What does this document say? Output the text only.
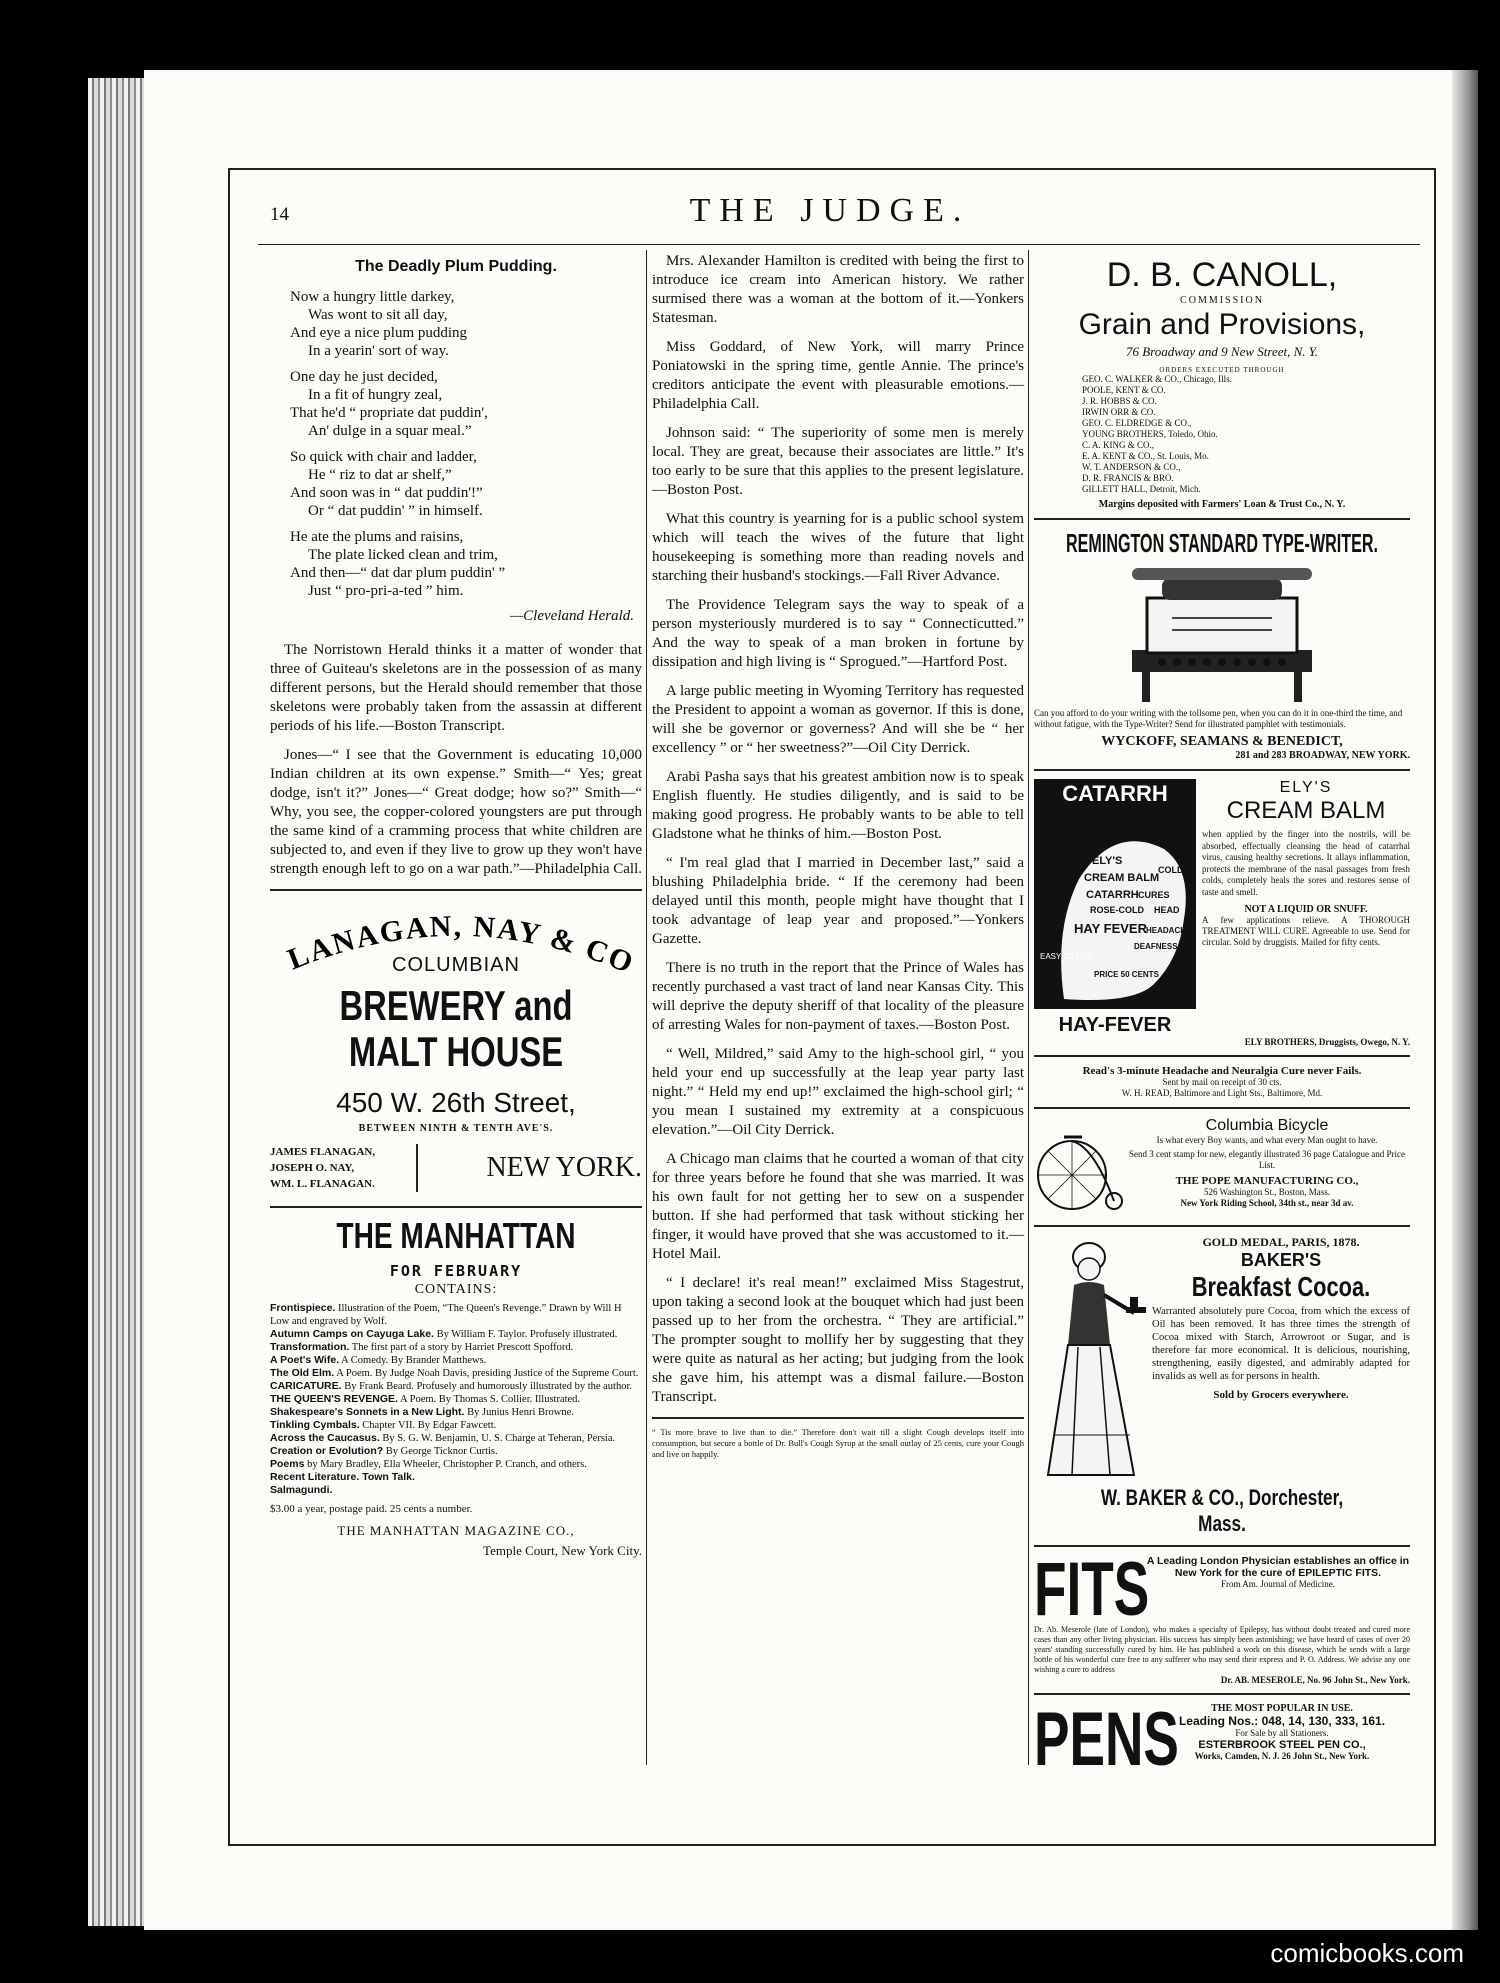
14	THE JUDGE.
The Deadly Plum Pudding.
Now a hungry little darkey,
Was wont to sit all day,
And eye a nice plum pudding
In a yearin' sort of way.
One day he just decided,
In a fit of hungry zeal,
That he'd “ propriate dat puddin',
An' dulge in a squar meal.”
So quick with chair and ladder,
He “ riz to dat ar shelf,”
And soon was in “ dat puddin'!”
Or “ dat puddin' ” in himself.
He ate the plums and raisins,
The plate licked clean and trim,
And then—“ dat dar plum puddin' ”
Just “ pro-pri-a-ted ” him.
—Cleveland Herald.

The Norristown Herald thinks it a matter of wonder that three of Guiteau's skeletons are in the possession of as many different persons, but the Herald should remember that those skeletons were probably taken from the assassin at different periods of his life.—Boston Transcript.

Jones—“ I see that the Government is educating 10,000 Indian children at its own expense.” Smith—“ Yes; great dodge, isn't it?” Jones—“ Great dodge; how so?” Smith—“ Why, you see, the copper-colored youngsters are put through the same kind of a cramming process that white children are subjected to, and even if they live to grow up they won't have strength enough left to go on a war path.”—Philadelphia Call.

LANAGAN, NAY & CO
COLUMBIAN
BREWERY and MALT HOUSE
450 W. 26th Street,
BETWEEN NINTH & TENTH AVE'S.
JAMES FLANAGAN,
JOSEPH O. NAY,
WM. L. FLANAGAN.
NEW YORK.
THE MANHATTAN
FOR FEBRUARY
CONTAINS:
Frontispiece. Illustration of the Poem, “The Queen's Revenge.” Drawn by Will H Low and engraved by Wolf.
Autumn Camps on Cayuga Lake. By William F. Taylor. Profusely illustrated.
Transformation. The first part of a story by Harriet Prescott Spofford.
A Poet's Wife. A Comedy. By Brander Matthews.
The Old Elm. A Poem. By Judge Noah Davis, presiding Justice of the Supreme Court.
CARICATURE. By Frank Beard. Profusely and humorously illustrated by the author.
THE QUEEN'S REVENGE. A Poem. By Thomas S. Collier. Illustrated.
Shakespeare's Sonnets in a New Light. By Junius Henri Browne.
Tinkling Cymbals. Chapter VII. By Edgar Fawcett.
Across the Caucasus. By S. G. W. Benjamin, U. S. Charge at Teheran, Persia.
Creation or Evolution? By George Ticknor Curtis.
Poems by Mary Bradley, Ella Wheeler, Christopher P. Cranch, and others.
Recent Literature. Town Talk.
Salmagundi.
$3.00 a year, postage paid. 25 cents a number.
THE MANHATTAN MAGAZINE CO.,
Temple Court, New York City.

Mrs. Alexander Hamilton is credited with being the first to introduce ice cream into American history. We rather surmised there was a woman at the bottom of it.—Yonkers Statesman.

Miss Goddard, of New York, will marry Prince Poniatowski in the spring time, gentle Annie. The prince's creditors anticipate the event with pleasurable emotions.—Philadelphia Call.

Johnson said: “ The superiority of some men is merely local. They are great, because their associates are little.” It's too early to be sure that this applies to the present legislature.—Boston Post.

What this country is yearning for is a public school system which will teach the wives of the future that light housekeeping is something more than reading novels and starching their husband's stockings.—Fall River Advance.

The Providence Telegram says the way to speak of a person mysteriously murdered is to say “ Connecticutted.” And the way to speak of a man broken in fortune by dissipation and high living is “ Sprogued.”—Hartford Post.

A large public meeting in Wyoming Territory has requested the President to appoint a woman as governor. If this is done, will she be governor or governess? And will she be “ her excellency ” or “ her sweetness?”—Oil City Derrick.

Arabi Pasha says that his greatest ambition now is to speak English fluently. He studies diligently, and is said to be making good progress. He probably wants to be able to tell Gladstone what he thinks of him.—Boston Post.

“ I'm real glad that I married in December last,” said a blushing Philadelphia bride. “ If the ceremony had been delayed until this month, people might have thought that I took advantage of leap year and proposed.”—Yonkers Gazette.

There is no truth in the report that the Prince of Wales has recently purchased a vast tract of land near Kansas City. This will deprive the deputy sheriff of that locality of the pleasure of arresting Wales for non-payment of taxes.—Boston Post.

“ Well, Mildred,” said Amy to the high-school girl, “ you held your end up successfully at the leap year party last night.” “ Held my end up!” exclaimed the high-school girl; “ you mean I sustained my extremity at a conspicuous elevation.”—Oil City Derrick.

A Chicago man claims that he courted a woman of that city for three years before he found that she was married. It was his own fault for not getting her to sew on a suspender button. If she had performed that task without sticking her finger, it would have proved that she was accustomed to it.—Hotel Mail.

“ I declare! it's real mean!” exclaimed Miss Stagestrut, upon taking a second look at the bouquet which had just been passed up to her from the orchestra. “ They are artificial.” The prompter sought to mollify her by suggesting that they were quite as natural as her acting; but judging from the look she gave him, his attempt was a dismal failure.—Boston Transcript.

“ Tis more brave to live than to die.” Therefore don't wait till a slight Cough develops itself into consumption, but secure a bottle of Dr. Bull's Cough Syrup at the small outlay of 25 cents, cure your Cough and live on happily.
D. B. CANOLL,
COMMISSION
Grain and Provisions,
76 Broadway and 9 New Street, N. Y.
ORDERS EXECUTED THROUGH
GEO. C. WALKER & CO., Chicago, Ills.
POOLE, KENT & CO.
J. R. HOBBS & CO.
IRWIN ORR & CO.
GEO. C. ELDREDGE & CO.,
YOUNG BROTHERS, Toledo, Ohio.
C. A. KING & CO.,
E. A. KENT & CO., St. Louis, Mo.
W. T. ANDERSON & CO.,
D. R. FRANCIS & BRO.
GILLETT HALL, Detroit, Mich.
Margins deposited with Farmers' Loan & Trust Co., N. Y.
REMINGTON STANDARD TYPE-WRITER.
Can you afford to do your writing with the tollsome pen, when you can do it in one-third the time, and without fatigue, with the Type-Writer? Send for illustrated pamphlet with testimonials.
WYCKOFF, SEAMANS & BENEDICT,
281 and 283 BROADWAY, NEW YORK.
CATARRH
ELY'S
CREAM BALM
CATARRH CURES
COLD
ROSE-COLD HEAD
HAY FEVER
DEAFNESS
HEADACHE
PRICE 50 CENTS
EASY TO USE
HAY-FEVER
ELY'S
CREAM BALM
when applied by the finger into the nostrils, will be absorbed, effectually cleansing the head of catarrhal virus, causing healthy secretions. It allays inflammation, protects the membrane of the nasal passages from fresh colds, completely heals the sores and restores sense of taste and smell.
NOT A LIQUID OR SNUFF.
A few applications relieve. A THOROUGH TREATMENT WILL CURE. Agreeable to use. Send for circular. Sold by druggists. Mailed for fifty cents.
ELY BROTHERS, Druggists, Owego, N. Y.
Read's 3-minute Headache and Neuralgia Cure never Fails.
Sent by mail on receipt of 30 cts.
W. H. READ, Baltimore and Light Sts., Baltimore, Md.
Columbia Bicycle
Is what every Boy wants, and what every Man ought to have.
Send 3 cent stamp for new, elegantly illustrated 36 page Catalogue and Price List.
THE POPE MANUFACTURING CO.,
526 Washington St., Boston, Mass.
New York Riding School, 34th st., near 3d av.
GOLD MEDAL, PARIS, 1878.
BAKER'S
Breakfast Cocoa.
Warranted absolutely pure Cocoa, from which the excess of Oil has been removed. It has three times the strength of Cocoa mixed with Starch, Arrowroot or Sugar, and is therefore far more economical. It is delicious, nourishing, strengthening, easily digested, and admirably adapted for invalids as well as for persons in health.
Sold by Grocers everywhere.
W. BAKER & CO., Dorchester, Mass.
FITS
A Leading London Physician establishes an office in New York for the cure of EPILEPTIC FITS.
From Am. Journal of Medicine.
Dr. Ab. Meserole (late of London), who makes a specialty of Epilepsy, has without doubt treated and cured more cases than any other living physician. His success has simply been astonishing; we have heard of cases of over 20 years' standing successfully cured by him. He has published a work on this disease, which he sends with a large bottle of his wonderful cure free to any sufferer who may send their express and P. O. Address. We advise any one wishing a cure to address
Dr. AB. MESEROLE, No. 96 John St., New York.
PENS	THE MOST POPULAR IN USE.
Leading Nos.: 048, 14, 130, 333, 161.
For Sale by all Stationers.
ESTERBROOK STEEL PEN CO.,
Works, Camden, N. J. 26 John St., New York.
comicbooks.com
